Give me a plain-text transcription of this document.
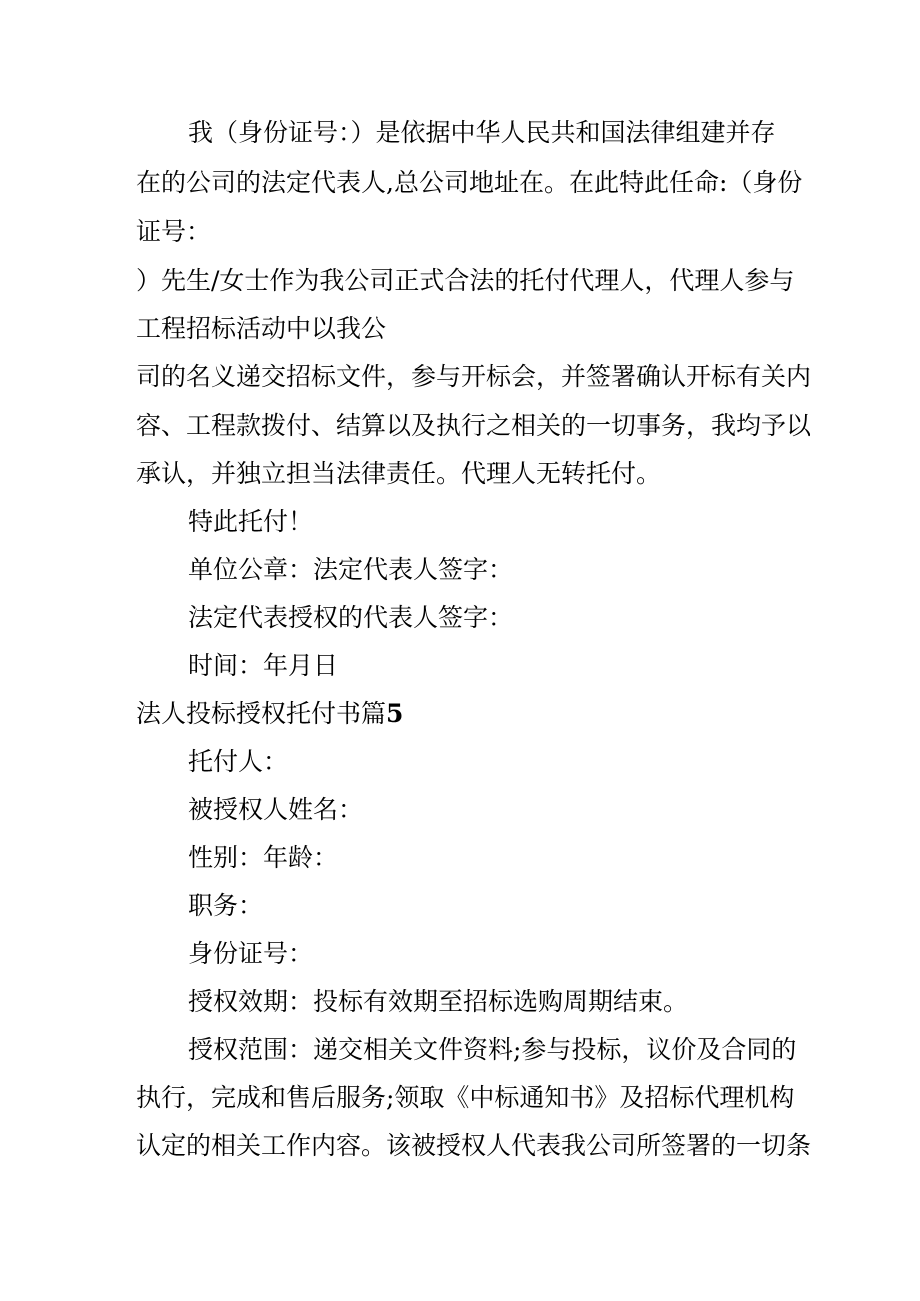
我（身份证号：）是依据中华人民共和国法律组建并存
在的公司的法定代表人,总公司地址在。在此特此任命:（身份
证号：
）先生/女士作为我公司正式合法的托付代理人，代理人参与
工程招标活动中以我公
司的名义递交招标文件，参与开标会，并签署确认开标有关内
容、工程款拨付、结算以及执行之相关的一切事务，我均予以
承认，并独立担当法律责任。代理人无转托付。
特此托付！
单位公章：法定代表人签字：
法定代表授权的代表人签字：
时间：年月日
法人投标授权托付书篇5
托付人：
被授权人姓名：
性别：年龄：
职务：
身份证号：
授权效期：投标有效期至招标选购周期结束。
授权范围：递交相关文件资料;参与投标，议价及合同的
执行，完成和售后服务;领取《中标通知书》及招标代理机构
认定的相关工作内容。该被授权人代表我公司所签署的一切条
